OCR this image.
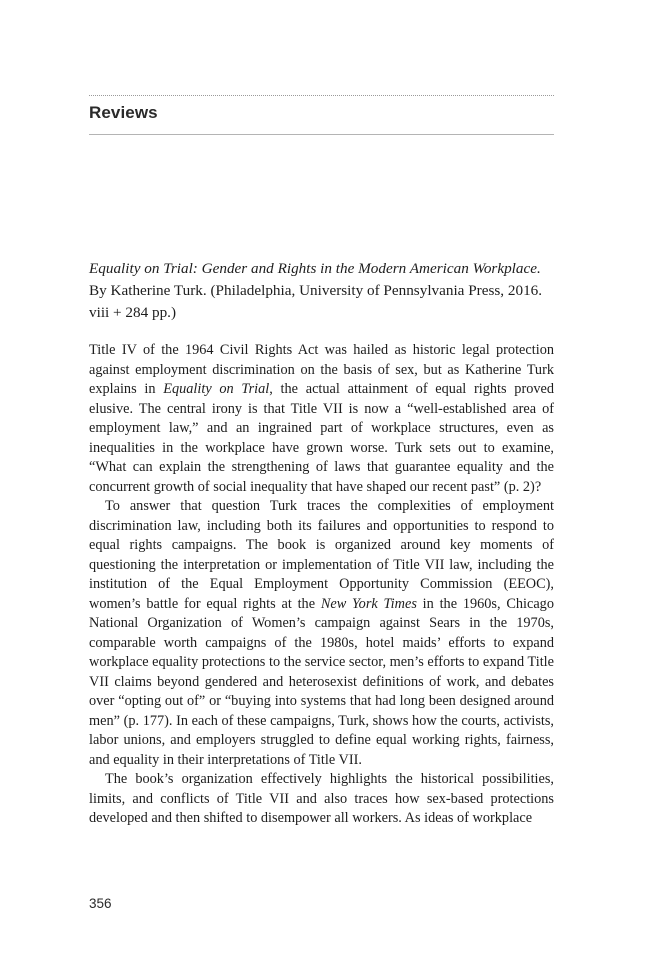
Reviews

Equality on Trial: Gender and Rights in the Modern American Workplace.
By Katherine Turk. (Philadelphia, University of Pennsylvania Press, 2016.
viii + 284 pp.)

Title IV of the 1964 Civil Rights Act was hailed as historic legal protection against employment discrimination on the basis of sex, but as Katherine Turk explains in Equality on Trial, the actual attainment of equal rights proved elusive. The central irony is that Title VII is now a “well-established area of employment law,” and an ingrained part of workplace structures, even as inequalities in the workplace have grown worse. Turk sets out to examine, “What can explain the strengthening of laws that guarantee equality and the concurrent growth of social inequality that have shaped our recent past” (p. 2)?

To answer that question Turk traces the complexities of employment discrimination law, including both its failures and opportunities to respond to equal rights campaigns. The book is organized around key moments of questioning the interpretation or implementation of Title VII law, including the institution of the Equal Employment Opportunity Commission (EEOC), women’s battle for equal rights at the New York Times in the 1960s, Chicago National Organization of Women’s campaign against Sears in the 1970s, comparable worth campaigns of the 1980s, hotel maids’ efforts to expand workplace equality protections to the service sector, men’s efforts to expand Title VII claims beyond gendered and heterosexist definitions of work, and debates over “opting out of” or “buying into systems that had long been designed around men” (p. 177). In each of these campaigns, Turk, shows how the courts, activists, labor unions, and employers struggled to define equal working rights, fairness, and equality in their interpretations of Title VII.

The book’s organization effectively highlights the historical possibilities, limits, and conflicts of Title VII and also traces how sex-based protections developed and then shifted to disempower all workers. As ideas of workplace

356
